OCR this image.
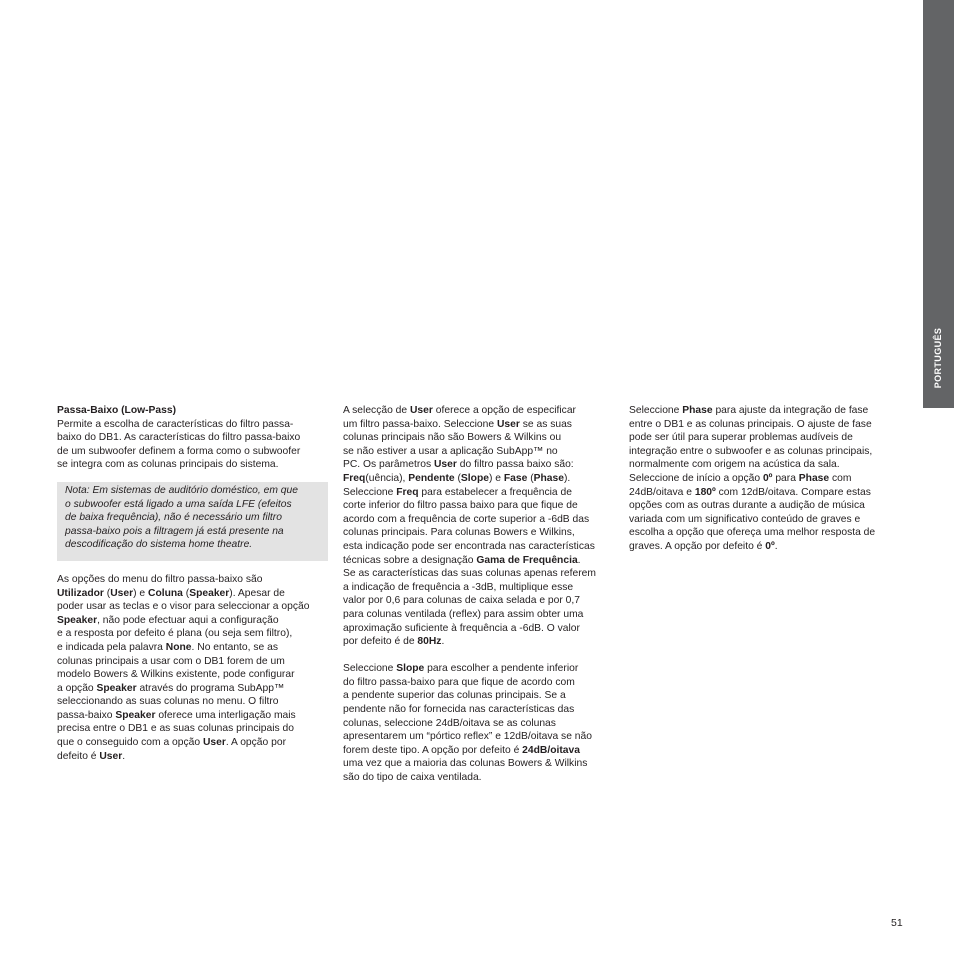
PORTUGUÊS
Passa-Baixo (Low-Pass)
Permite a escolha de características do filtro passa-
baixo do DB1. As características do filtro passa-baixo
de um subwoofer definem a forma como o subwoofer
se integra com as colunas principais do sistema.
Nota: Em sistemas de auditório doméstico, em que
o subwoofer está ligado a uma saída LFE (efeitos
de baixa frequência), não é necessário um filtro
passa-baixo pois a filtragem já está presente na
descodificação do sistema home theatre.
As opções do menu do filtro passa-baixo são
Utilizador (User) e Coluna (Speaker). Apesar de
poder usar as teclas e o visor para seleccionar a opção
Speaker, não pode efectuar aqui a configuração
e a resposta por defeito é plana (ou seja sem filtro),
e indicada pela palavra None. No entanto, se as
colunas principais a usar com o DB1 forem de um
modelo Bowers & Wilkins existente, pode configurar
a opção Speaker através do programa SubApp™
seleccionando as suas colunas no menu. O filtro
passa-baixo Speaker oferece uma interligação mais
precisa entre o DB1 e as suas colunas principais do
que o conseguido com a opção User. A opção por
defeito é User.
A selecção de User oferece a opção de especificar
um filtro passa-baixo. Seleccione User se as suas
colunas principais não são Bowers & Wilkins ou
se não estiver a usar a aplicação SubApp™ no
PC. Os parâmetros User do filtro passa baixo são:
Freq(uência), Pendente (Slope) e Fase (Phase).
Seleccione Freq para estabelecer a frequência de
corte inferior do filtro passa baixo para que fique de
acordo com a frequência de corte superior a -6dB das
colunas principais. Para colunas Bowers e Wilkins,
esta indicação pode ser encontrada nas características
técnicas sobre a designação Gama de Frequência.
Se as características das suas colunas apenas referem
a indicação de frequência a -3dB, multiplique esse
valor por 0,6 para colunas de caixa selada e por 0,7
para colunas ventilada (reflex) para assim obter uma
aproximação suficiente à frequência a -6dB. O valor
por defeito é de 80Hz.
Seleccione Slope para escolher a pendente inferior
do filtro passa-baixo para que fique de acordo com
a pendente superior das colunas principais. Se a
pendente não for fornecida nas características das
colunas, seleccione 24dB/oitava se as colunas
apresentarem um “pórtico reflex” e 12dB/oitava se não
forem deste tipo. A opção por defeito é 24dB/oitava
uma vez que a maioria das colunas Bowers & Wilkins
são do tipo de caixa ventilada.
Seleccione Phase para ajuste da integração de fase
entre o DB1 e as colunas principais. O ajuste de fase
pode ser útil para superar problemas audíveis de
integração entre o subwoofer e as colunas principais,
normalmente com origem na acústica da sala.
Seleccione de início a opção 0º para Phase com
24dB/oitava e 180º com 12dB/oitava. Compare estas
opções com as outras durante a audição de música
variada com um significativo conteúdo de graves e
escolha a opção que ofereça uma melhor resposta de
graves. A opção por defeito é 0º.
51
